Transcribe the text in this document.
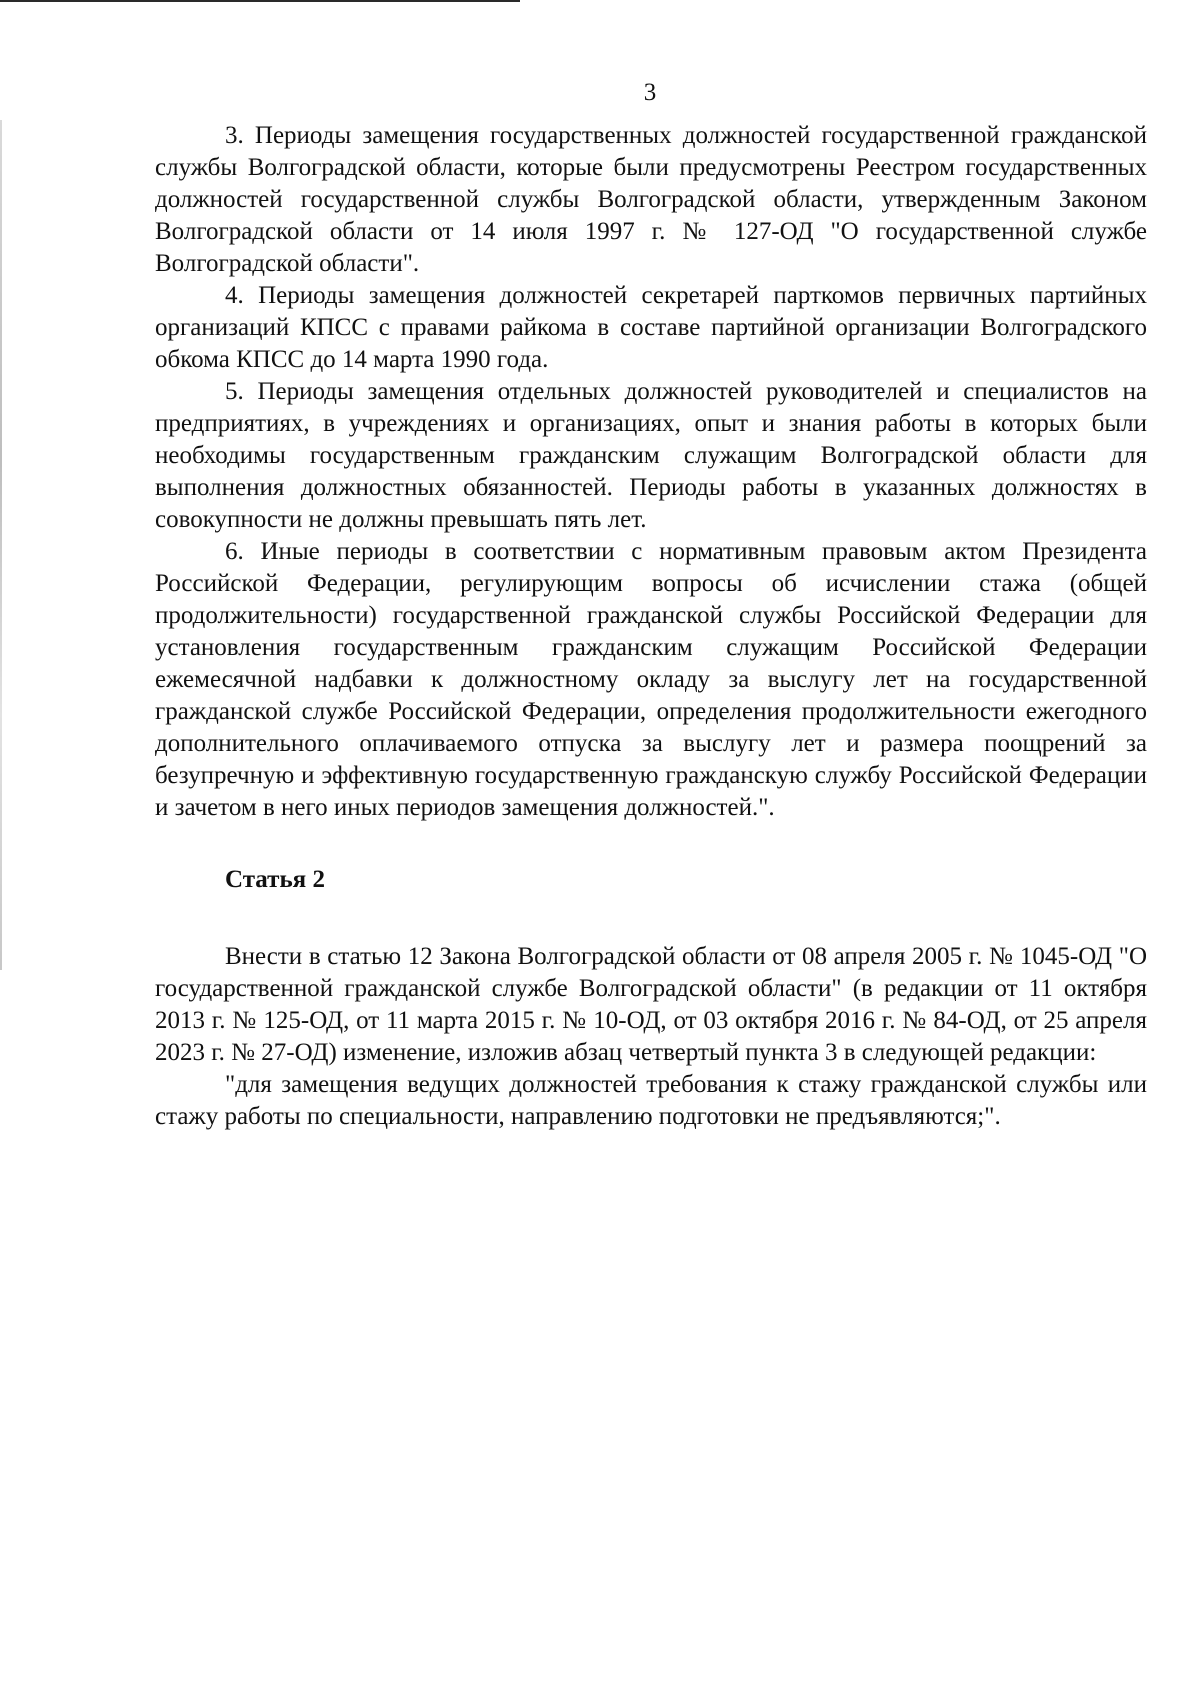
3

3. Периоды замещения государственных должностей государственной гражданской службы Волгоградской области, которые были предусмотрены Реестром государственных должностей государственной службы Волгоградской области, утвержденным Законом Волгоградской области от 14 июля 1997 г. № 127-ОД "О государственной службе Волгоградской области".

4. Периоды замещения должностей секретарей парткомов первичных партийных организаций КПСС с правами райкома в составе партийной организации Волгоградского обкома КПСС до 14 марта 1990 года.

5. Периоды замещения отдельных должностей руководителей и специалистов на предприятиях, в учреждениях и организациях, опыт и знания работы в которых были необходимы государственным гражданским служащим Волгоградской области для выполнения должностных обязанностей. Периоды работы в указанных должностях в совокупности не должны превышать пять лет.

6. Иные периоды в соответствии с нормативным правовым актом Президента Российской Федерации, регулирующим вопросы об исчислении стажа (общей продолжительности) государственной гражданской службы Российской Федерации для установления государственным гражданским служащим Российской Федерации ежемесячной надбавки к должностному окладу за выслугу лет на государственной гражданской службе Российской Федерации, определения продолжительности ежегодного дополнительного оплачиваемого отпуска за выслугу лет и размера поощрений за безупречную и эффективную государственную гражданскую службу Российской Федерации и зачетом в него иных периодов замещения должностей.".

Статья 2

Внести в статью 12 Закона Волгоградской области от 08 апреля 2005 г. № 1045-ОД "О государственной гражданской службе Волгоградской области" (в редакции от 11 октября 2013 г. № 125-ОД, от 11 марта 2015 г. № 10-ОД, от 03 октября 2016 г. № 84-ОД, от 25 апреля 2023 г. № 27-ОД) изменение, изложив абзац четвертый пункта 3 в следующей редакции:

"для замещения ведущих должностей требования к стажу гражданской службы или стажу работы по специальности, направлению подготовки не предъявляются;".
